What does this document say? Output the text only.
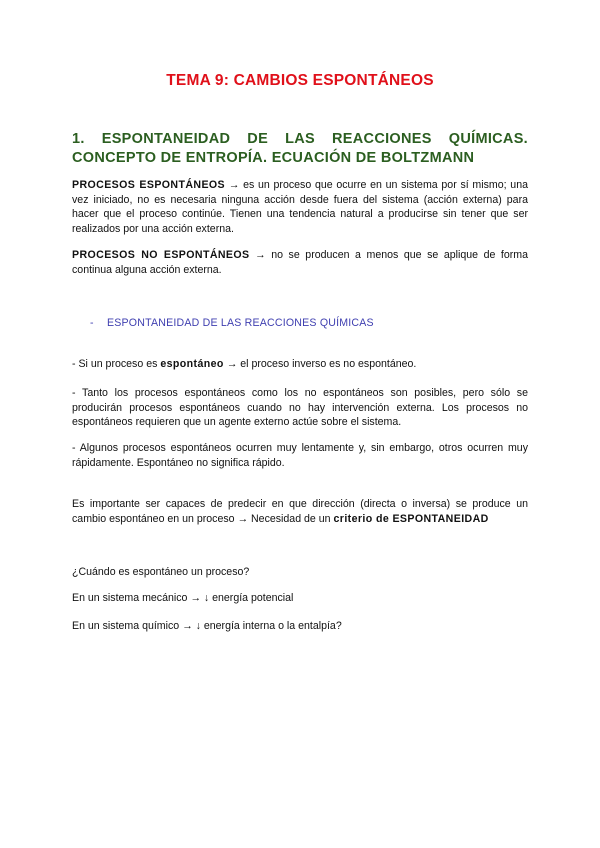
TEMA 9: CAMBIOS ESPONTÁNEOS
1. ESPONTANEIDAD DE LAS REACCIONES QUÍMICAS. CONCEPTO DE ENTROPÍA. ECUACIÓN DE BOLTZMANN
PROCESOS ESPONTÁNEOS → es un proceso que ocurre en un sistema por sí mismo; una vez iniciado, no es necesaria ninguna acción desde fuera del sistema (acción externa) para hacer que el proceso continúe. Tienen una tendencia natural a producirse sin tener que ser realizados por una acción externa.
PROCESOS NO ESPONTÁNEOS → no se producen a menos que se aplique de forma continua alguna acción externa.
- ESPONTANEIDAD DE LAS REACCIONES QUÍMICAS
- Si un proceso es espontáneo → el proceso inverso es no espontáneo.
- Tanto los procesos espontáneos como los no espontáneos son posibles, pero sólo se producirán procesos espontáneos cuando no hay intervención externa. Los procesos no espontáneos requieren que un agente externo actúe sobre el sistema.
- Algunos procesos espontáneos ocurren muy lentamente y, sin embargo, otros ocurren muy rápidamente. Espontáneo no significa rápido.
Es importante ser capaces de predecir en que dirección (directa o inversa) se produce un cambio espontáneo en un proceso → Necesidad de un criterio de ESPONTANEIDAD
¿Cuándo es espontáneo un proceso?
En un sistema mecánico → ↓ energía potencial
En un sistema químico → ↓ energía interna o la entalpía?
